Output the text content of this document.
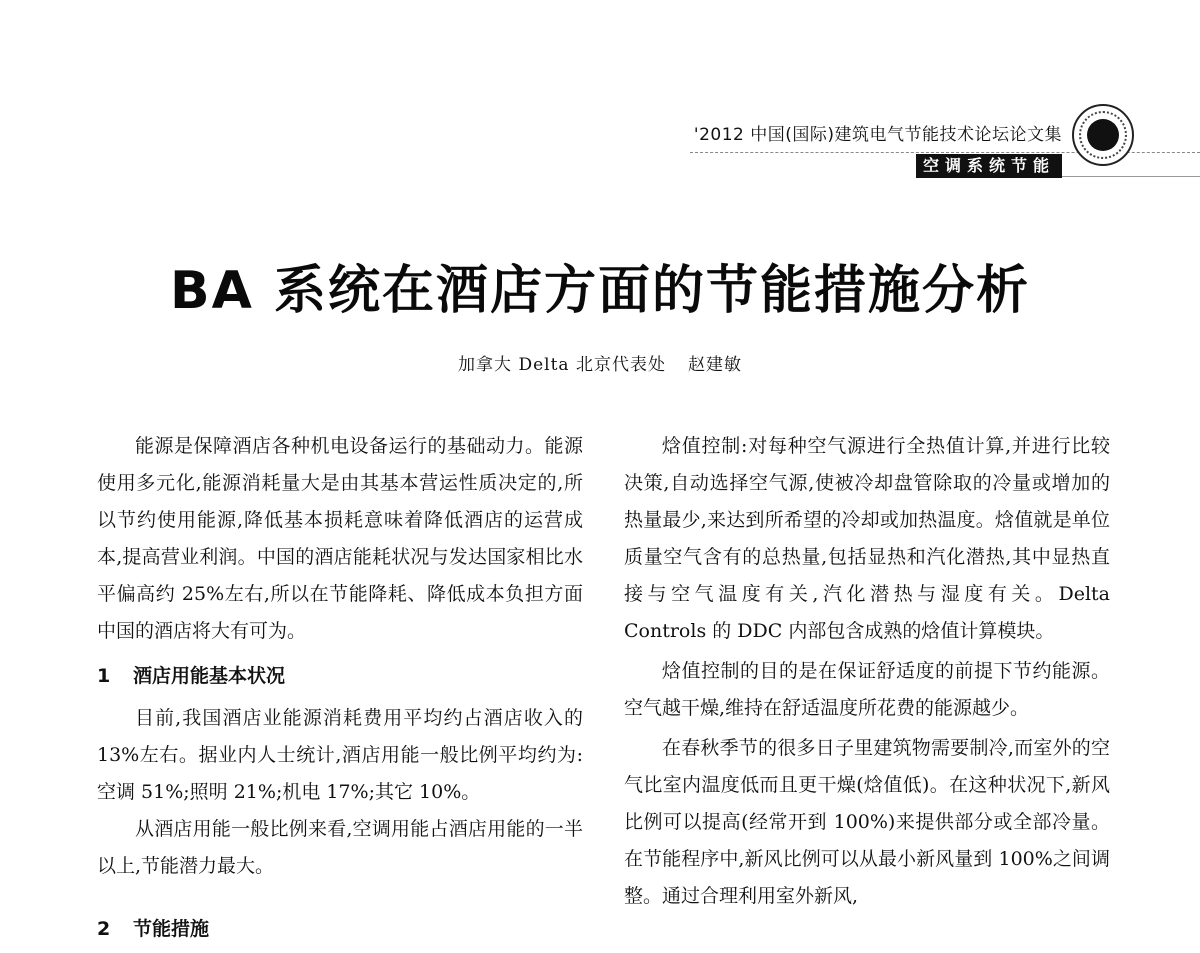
'2012 中国(国际)建筑电气节能技术论坛论文集
空调系统节能
BA 系统在酒店方面的节能措施分析
加拿大 Delta 北京代表处 赵建敏

能源是保障酒店各种机电设备运行的基础动力。能源使用多元化,能源消耗量大是由其基本营运性质决定的,所以节约使用能源,降低基本损耗意味着降低酒店的运营成本,提高营业利润。中国的酒店能耗状况与发达国家相比水平偏高约 25%左右,所以在节能降耗、降低成本负担方面中国的酒店将大有可为。

1 酒店用能基本状况

目前,我国酒店业能源消耗费用平均约占酒店收入的 13%左右。据业内人士统计,酒店用能一般比例平均约为:空调 51%;照明 21%;机电 17%;其它 10%。

从酒店用能一般比例来看,空调用能占酒店用能的一半以上,节能潜力最大。

2 节能措施

焓值控制:对每种空气源进行全热值计算,并进行比较决策,自动选择空气源,使被冷却盘管除取的冷量或增加的热量最少,来达到所希望的冷却或加热温度。焓值就是单位质量空气含有的总热量,包括显热和汽化潜热,其中显热直接与空气温度有关,汽化潜热与湿度有关。Delta Controls 的 DDC 内部包含成熟的焓值计算模块。

焓值控制的目的是在保证舒适度的前提下节约能源。空气越干燥,维持在舒适温度所花费的能源越少。

在春秋季节的很多日子里建筑物需要制冷,而室外的空气比室内温度低而且更干燥(焓值低)。在这种状况下,新风比例可以提高(经常开到 100%)来提供部分或全部冷量。在节能程序中,新风比例可以从最小新风量到 100%之间调整。通过合理利用室外新风,
